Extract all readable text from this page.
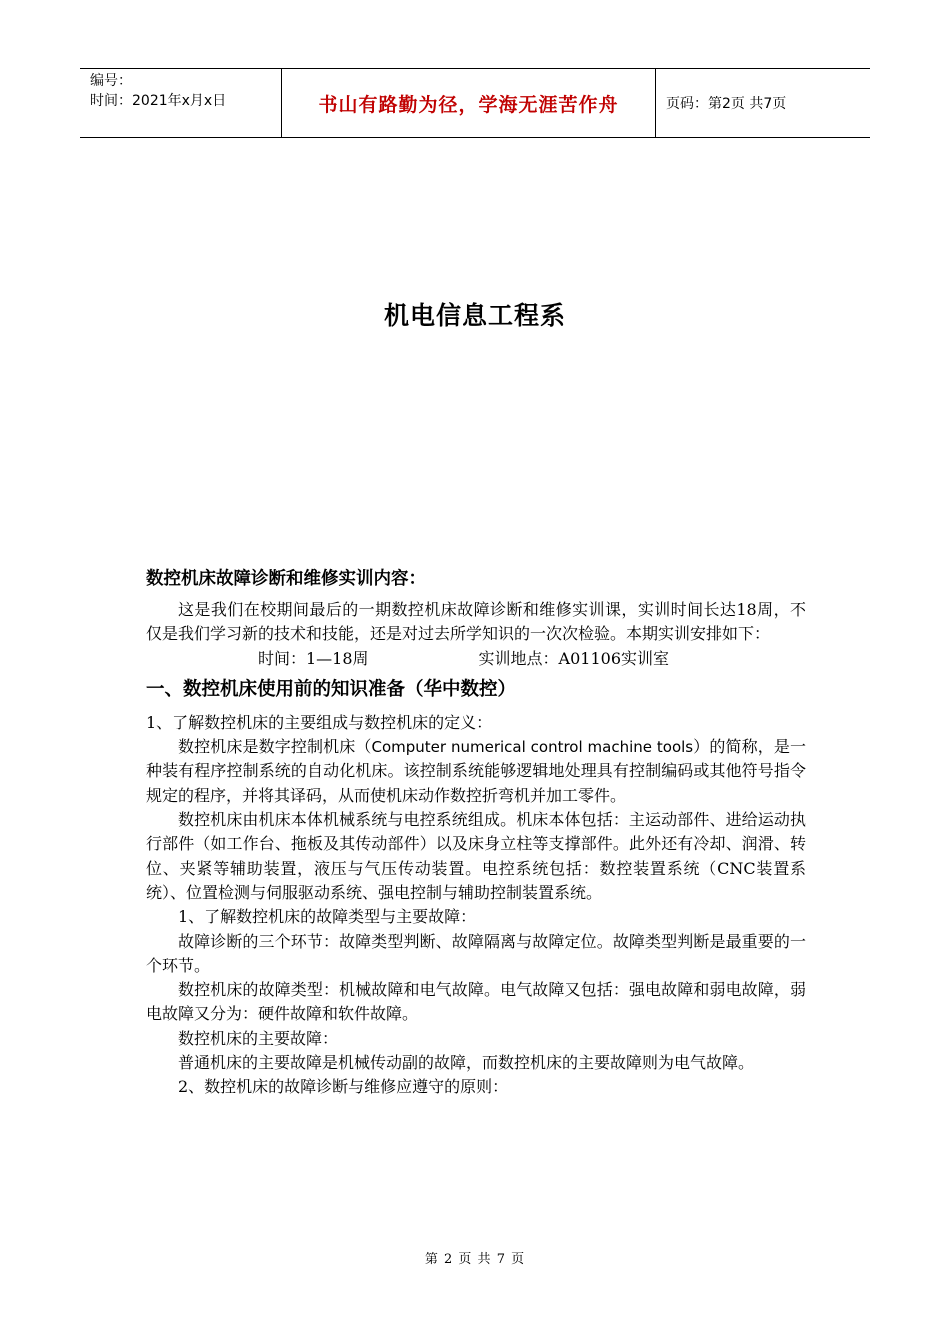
编号：
时间：2021年x月x日	书山有路勤为径，学海无涯苦作舟	页码：第2页 共7页
机电信息工程系
数控机床故障诊断和维修实训内容：
这是我们在校期间最后的一期数控机床故障诊断和维修实训课，实训时间长达18周，不仅是我们学习新的技术和技能，还是对过去所学知识的一次次检验。本期实训安排如下：
时间：1—18周	实训地点：A01106实训室
一、数控机床使用前的知识准备（华中数控）
1、了解数控机床的主要组成与数控机床的定义：
数控机床是数字控制机床（Computer numerical control machine tools）的简称，是一种装有程序控制系统的自动化机床。该控制系统能够逻辑地处理具有控制编码或其他符号指令规定的程序，并将其译码，从而使机床动作数控折弯机并加工零件。
数控机床由机床本体机械系统与电控系统组成。机床本体包括：主运动部件、进给运动执行部件（如工作台、拖板及其传动部件）以及床身立柱等支撑部件。此外还有冷却、润滑、转位、夹紧等辅助装置，液压与气压传动装置。电控系统包括：数控装置系统（CNC装置系统）、位置检测与伺服驱动系统、强电控制与辅助控制装置系统。
1、了解数控机床的故障类型与主要故障：
故障诊断的三个环节：故障类型判断、故障隔离与故障定位。故障类型判断是最重要的一个环节。
数控机床的故障类型：机械故障和电气故障。电气故障又包括：强电故障和弱电故障，弱电故障又分为：硬件故障和软件故障。
数控机床的主要故障：
普通机床的主要故障是机械传动副的故障，而数控机床的主要故障则为电气故障。
2、数控机床的故障诊断与维修应遵守的原则：
第 2 页 共 7 页
